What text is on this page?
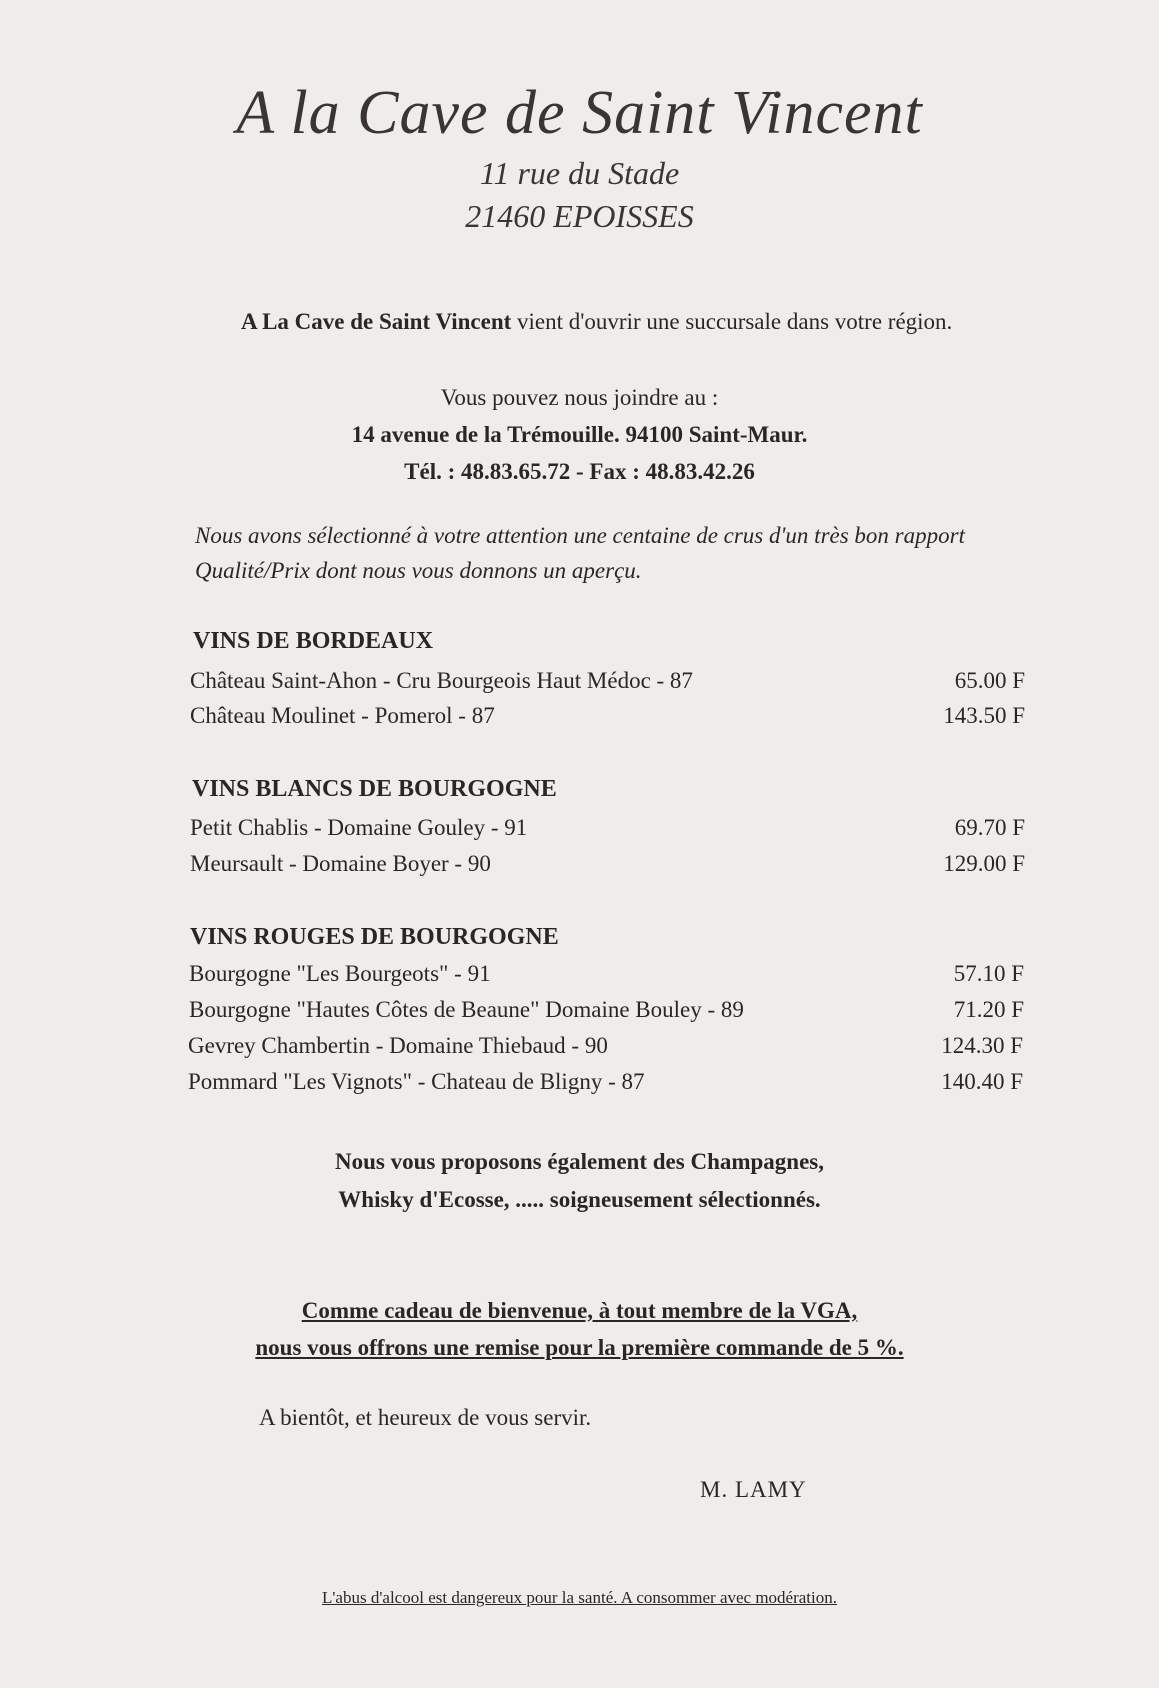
A la Cave de Saint Vincent
11 rue du Stade
21460 EPOISSES
A La Cave de Saint Vincent vient d'ouvrir une succursale dans votre région.
Vous pouvez nous joindre au :
14 avenue de la Trémouille. 94100 Saint-Maur.
Tél. : 48.83.65.72 - Fax : 48.83.42.26
Nous avons sélectionné à votre attention une centaine de crus d'un très bon rapport
Qualité/Prix dont nous vous donnons un aperçu.
VINS DE BORDEAUX
Château Saint-Ahon - Cru Bourgeois Haut Médoc - 87	65.00 F
Château Moulinet - Pomerol - 87	143.50 F
VINS BLANCS DE BOURGOGNE
Petit Chablis - Domaine Gouley - 91	69.70 F
Meursault - Domaine Boyer - 90	129.00 F
VINS ROUGES DE BOURGOGNE
Bourgogne "Les Bourgeots" - 91	57.10 F
Bourgogne "Hautes Côtes de Beaune" Domaine Bouley - 89	71.20 F
Gevrey Chambertin - Domaine Thiebaud - 90	124.30 F
Pommard "Les Vignots" - Chateau de Bligny - 87	140.40 F
Nous vous proposons également des Champagnes,
Whisky d'Ecosse, ..... soigneusement sélectionnés.
Comme cadeau de bienvenue, à tout membre de la VGA,
nous vous offrons une remise pour la première commande de 5 %.
A bientôt, et heureux de vous servir.
M. LAMY
L'abus d'alcool est dangereux pour la santé. A consommer avec modération.
